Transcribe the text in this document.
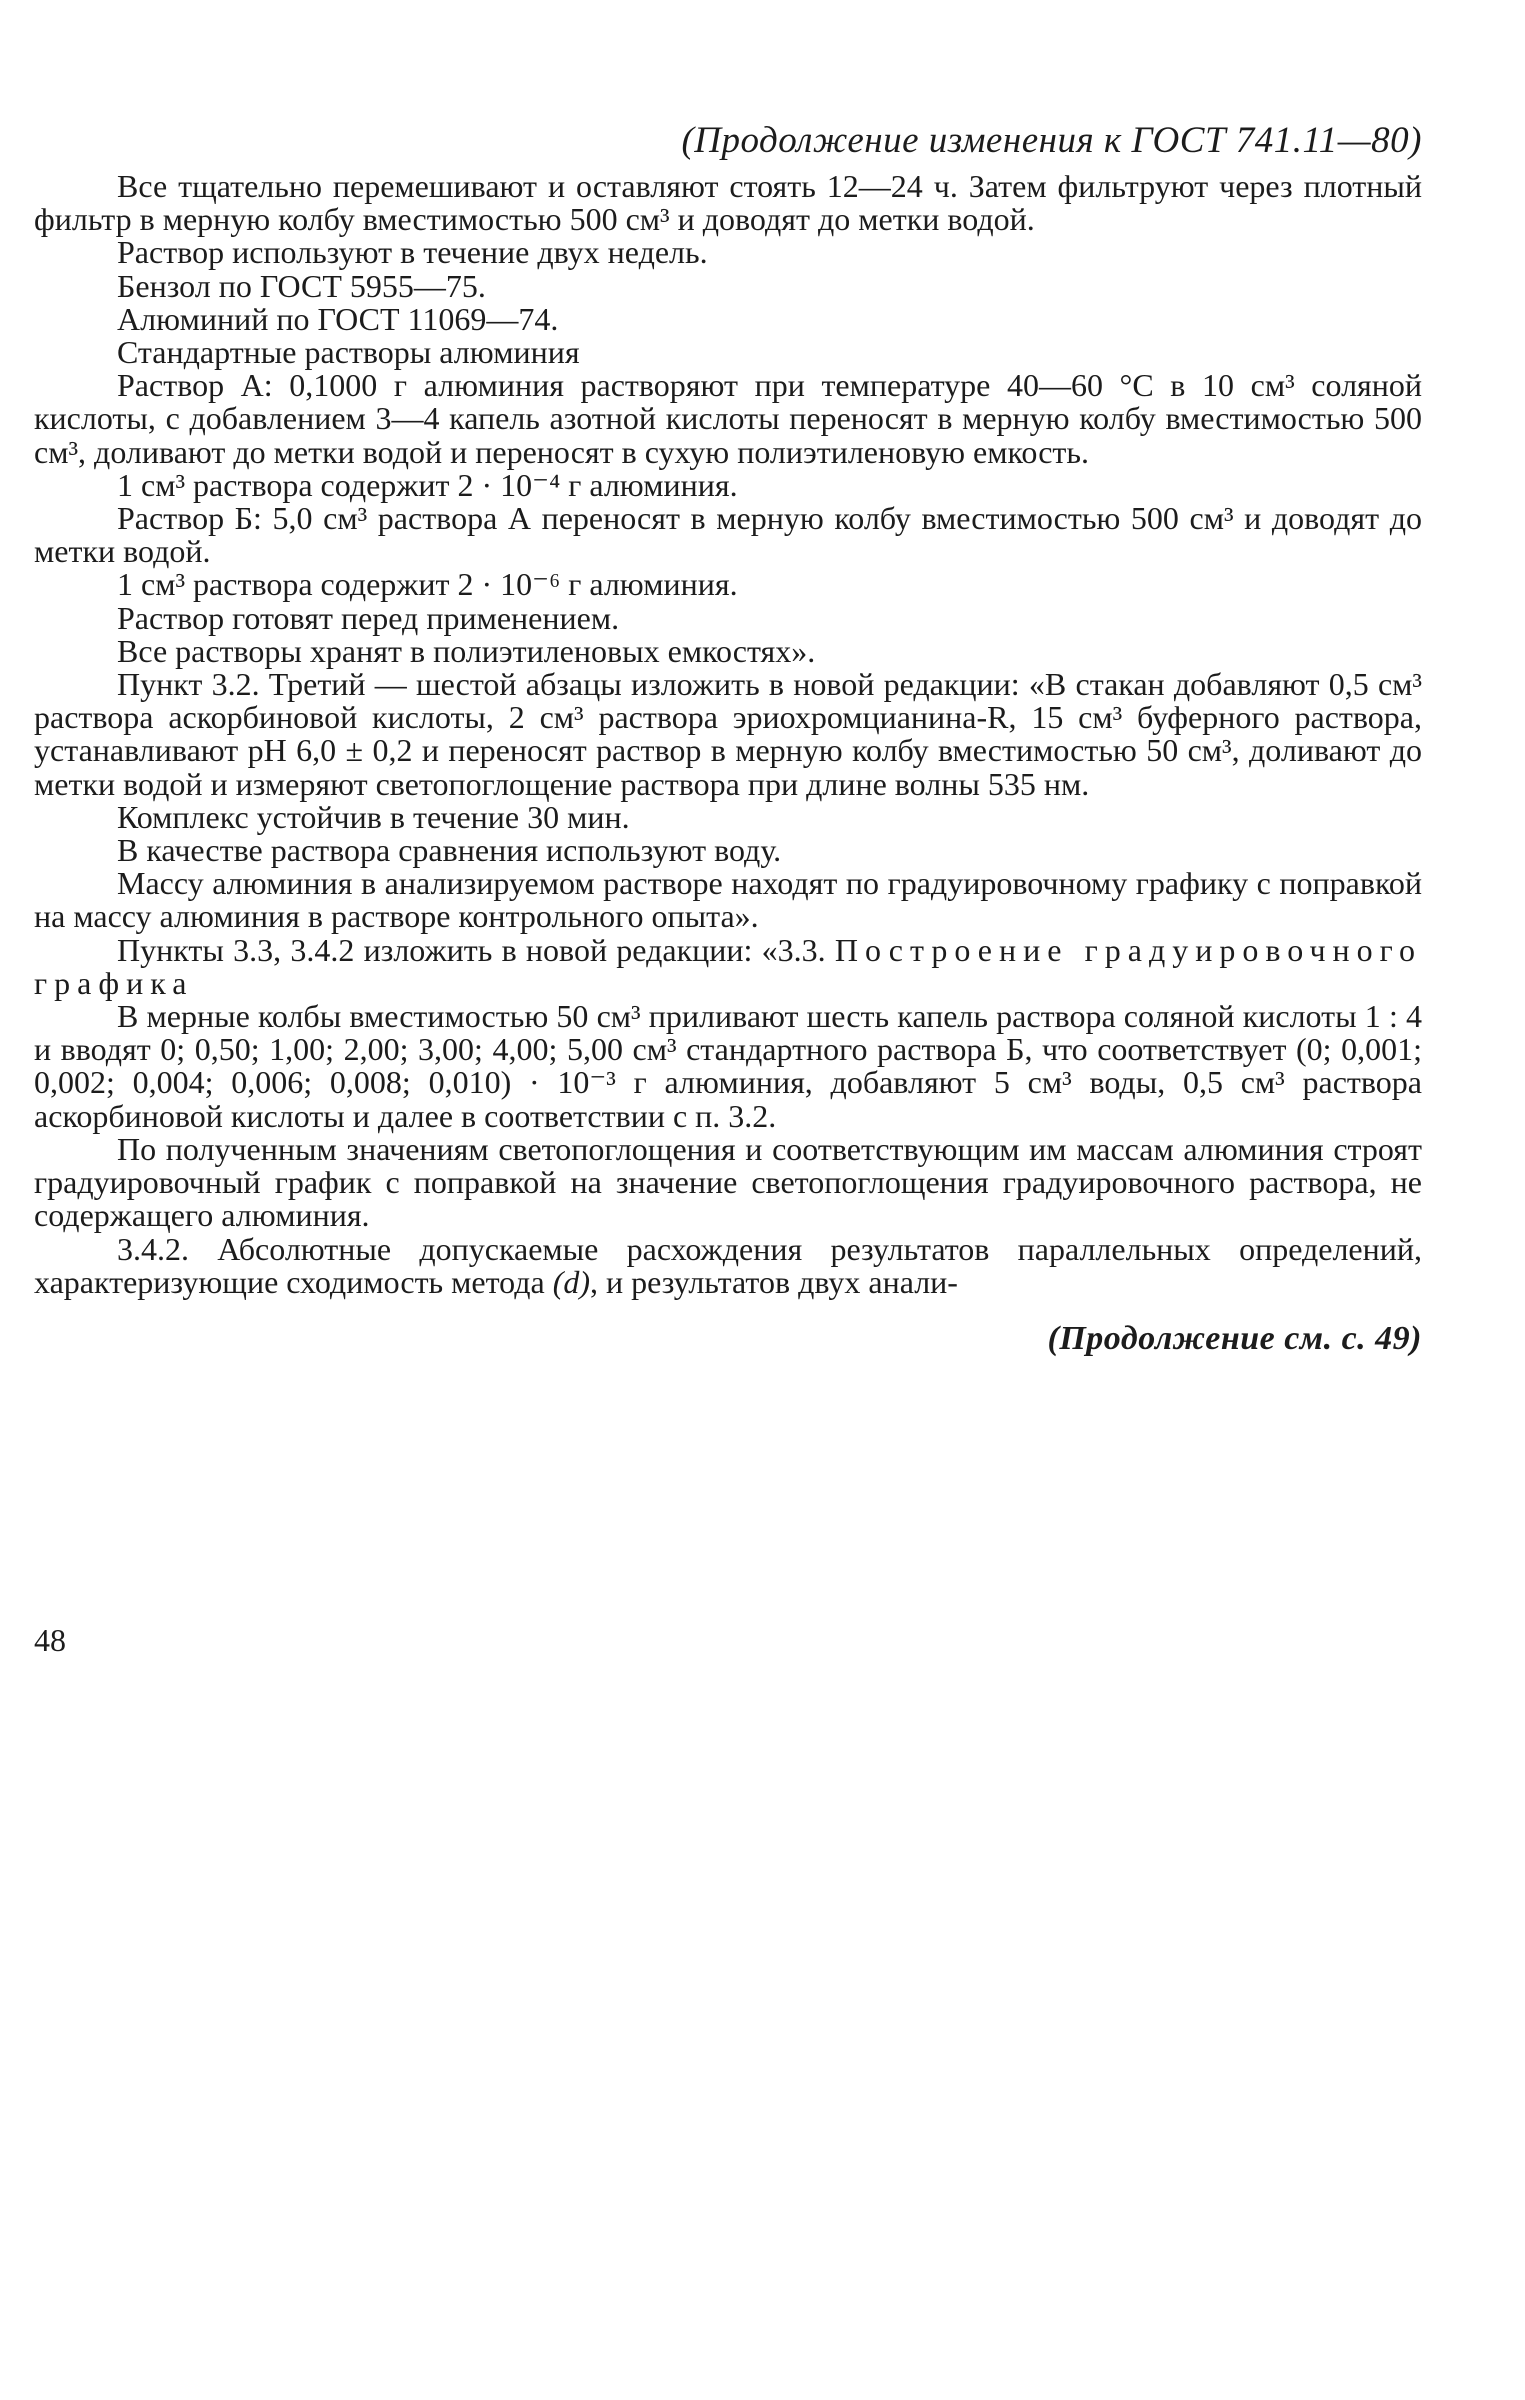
(Продолжение изменения к ГОСТ 741.11—80)

Все тщательно перемешивают и оставляют стоять 12—24 ч. Затем фильтруют через плотный фильтр в мерную колбу вместимостью 500 см³ и доводят до метки водой.

Раствор используют в течение двух недель.

Бензол по ГОСТ 5955—75.

Алюминий по ГОСТ 11069—74.

Стандартные растворы алюминия

Раствор А: 0,1000 г алюминия растворяют при температуре 40—60 °С в 10 см³ соляной кислоты, с добавлением 3—4 капель азотной кислоты переносят в мерную колбу вместимостью 500 см³, доливают до метки водой и переносят в сухую полиэтиленовую емкость.

1 см³ раствора содержит 2 · 10⁻⁴ г алюминия.

Раствор Б: 5,0 см³ раствора А переносят в мерную колбу вместимостью 500 см³ и доводят до метки водой.

1 см³ раствора содержит 2 · 10⁻⁶ г алюминия.

Раствор готовят перед применением.

Все растворы хранят в полиэтиленовых емкостях».

Пункт 3.2. Третий — шестой абзацы изложить в новой редакции: «В стакан добавляют 0,5 см³ раствора аскорбиновой кислоты, 2 см³ раствора эриохромцианина-R, 15 см³ буферного раствора, устанавливают pH 6,0 ± 0,2 и переносят раствор в мерную колбу вместимостью 50 см³, доливают до метки водой и измеряют светопоглощение раствора при длине волны 535 нм.

Комплекс устойчив в течение 30 мин.

В качестве раствора сравнения используют воду.

Массу алюминия в анализируемом растворе находят по градуировочному графику с поправкой на массу алюминия в растворе контрольного опыта».

Пункты 3.3, 3.4.2 изложить в новой редакции: «3.3. Построение градуировочного графика

В мерные колбы вместимостью 50 см³ приливают шесть капель раствора соляной кислоты 1 : 4 и вводят 0; 0,50; 1,00; 2,00; 3,00; 4,00; 5,00 см³ стандартного раствора Б, что соответствует (0; 0,001; 0,002; 0,004; 0,006; 0,008; 0,010) · 10⁻³ г алюминия, добавляют 5 см³ воды, 0,5 см³ раствора аскорбиновой кислоты и далее в соответствии с п. 3.2.

По полученным значениям светопоглощения и соответствующим им массам алюминия строят градуировочный график с поправкой на значение светопоглощения градуировочного раствора, не содержащего алюминия.

3.4.2. Абсолютные допускаемые расхождения результатов параллельных определений, характеризующие сходимость метода (d), и результатов двух анали-

(Продолжение см. с. 49)
48
